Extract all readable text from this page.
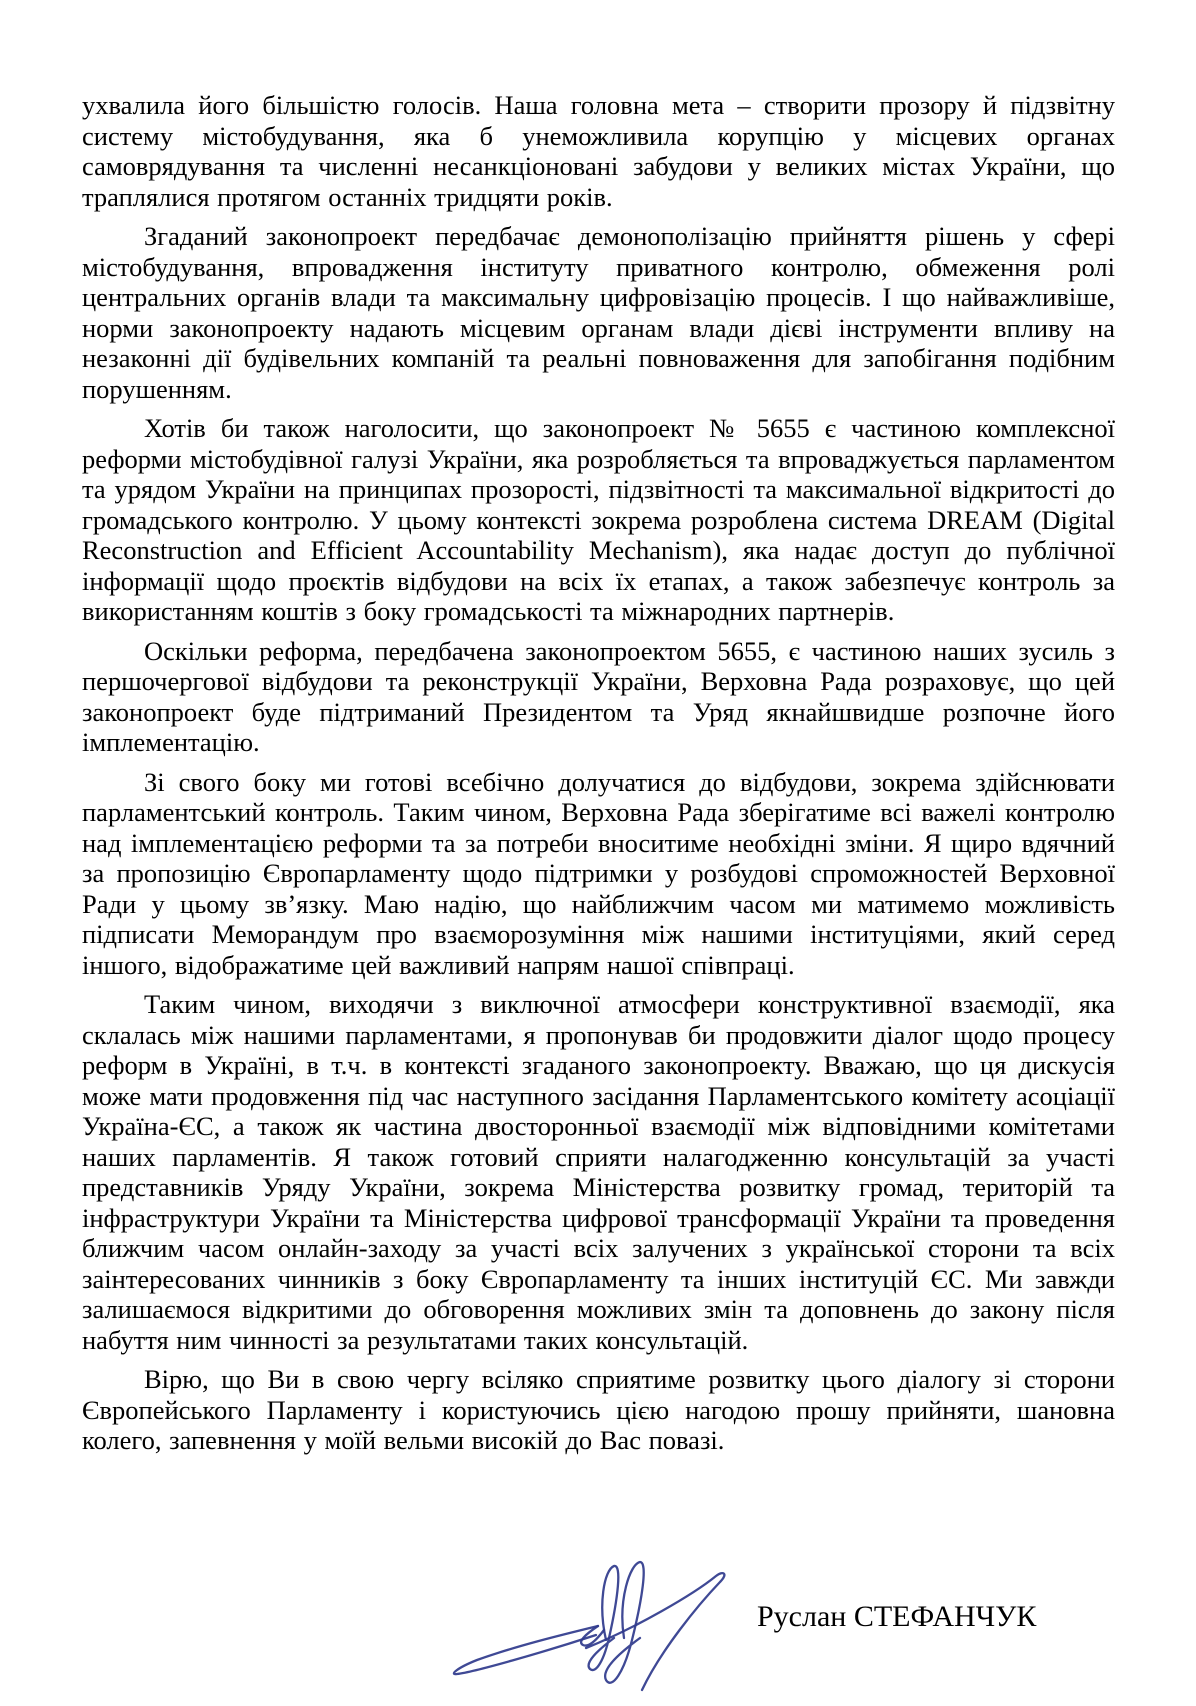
ухвалила його більшістю голосів. Наша головна мета – створити прозору й підзвітну систему містобудування, яка б унеможливила корупцію у місцевих органах самоврядування та численні несанкціоновані забудови у великих містах України, що траплялися протягом останніх тридцяти років.

Згаданий законопроект передбачає демонополізацію прийняття рішень у сфері містобудування, впровадження інституту приватного контролю, обмеження ролі центральних органів влади та максимальну цифровізацію процесів. І що найважливіше, норми законопроекту надають місцевим органам влади дієві інструменти впливу на незаконні дії будівельних компаній та реальні повноваження для запобігання подібним порушенням.

Хотів би також наголосити, що законопроект № 5655 є частиною комплексної реформи містобудівної галузі України, яка розробляється та впроваджується парламентом та урядом України на принципах прозорості, підзвітності та максимальної відкритості до громадського контролю. У цьому контексті зокрема розроблена система DREAM (Digital Reconstruction and Efficient Accountability Mechanism), яка надає доступ до публічної інформації щодо проєктів відбудови на всіх їх етапах, а також забезпечує контроль за використанням коштів з боку громадськості та міжнародних партнерів.

Оскільки реформа, передбачена законопроектом 5655, є частиною наших зусиль з першочергової відбудови та реконструкції України, Верховна Рада розраховує, що цей законопроект буде підтриманий Президентом та Уряд якнайшвидше розпочне його імплементацію.

Зі свого боку ми готові всебічно долучатися до відбудови, зокрема здійснювати парламентський контроль. Таким чином, Верховна Рада зберігатиме всі важелі контролю над імплементацією реформи та за потреби вноситиме необхідні зміни. Я щиро вдячний за пропозицію Європарламенту щодо підтримки у розбудові спроможностей Верховної Ради у цьому зв’язку. Маю надію, що найближчим часом ми матимемо можливість підписати Меморандум про взаєморозуміння між нашими інституціями, який серед іншого, відображатиме цей важливий напрям нашої співпраці.

Таким чином, виходячи з виключної атмосфери конструктивної взаємодії, яка склалась між нашими парламентами, я пропонував би продовжити діалог щодо процесу реформ в Україні, в т.ч. в контексті згаданого законопроекту. Вважаю, що ця дискусія може мати продовження під час наступного засідання Парламентського комітету асоціації Україна-ЄС, а також як частина двосторонньої взаємодії між відповідними комітетами наших парламентів. Я також готовий сприяти налагодженню консультацій за участі представників Уряду України, зокрема Міністерства розвитку громад, територій та інфраструктури України та Міністерства цифрової трансформації України та проведення ближчим часом онлайн-заходу за участі всіх залучених з української сторони та всіх заінтересованих чинників з боку Європарламенту та інших інституцій ЄС. Ми завжди залишаємося відкритими до обговорення можливих змін та доповнень до закону після набуття ним чинності за результатами таких консультацій.

Вірю, що Ви в свою чергу всіляко сприятиме розвитку цього діалогу зі сторони Європейського Парламенту і користуючись цією нагодою прошу прийняти, шановна колего, запевнення у моїй вельми високій до Вас повазі.

Руслан СТЕФАНЧУК
